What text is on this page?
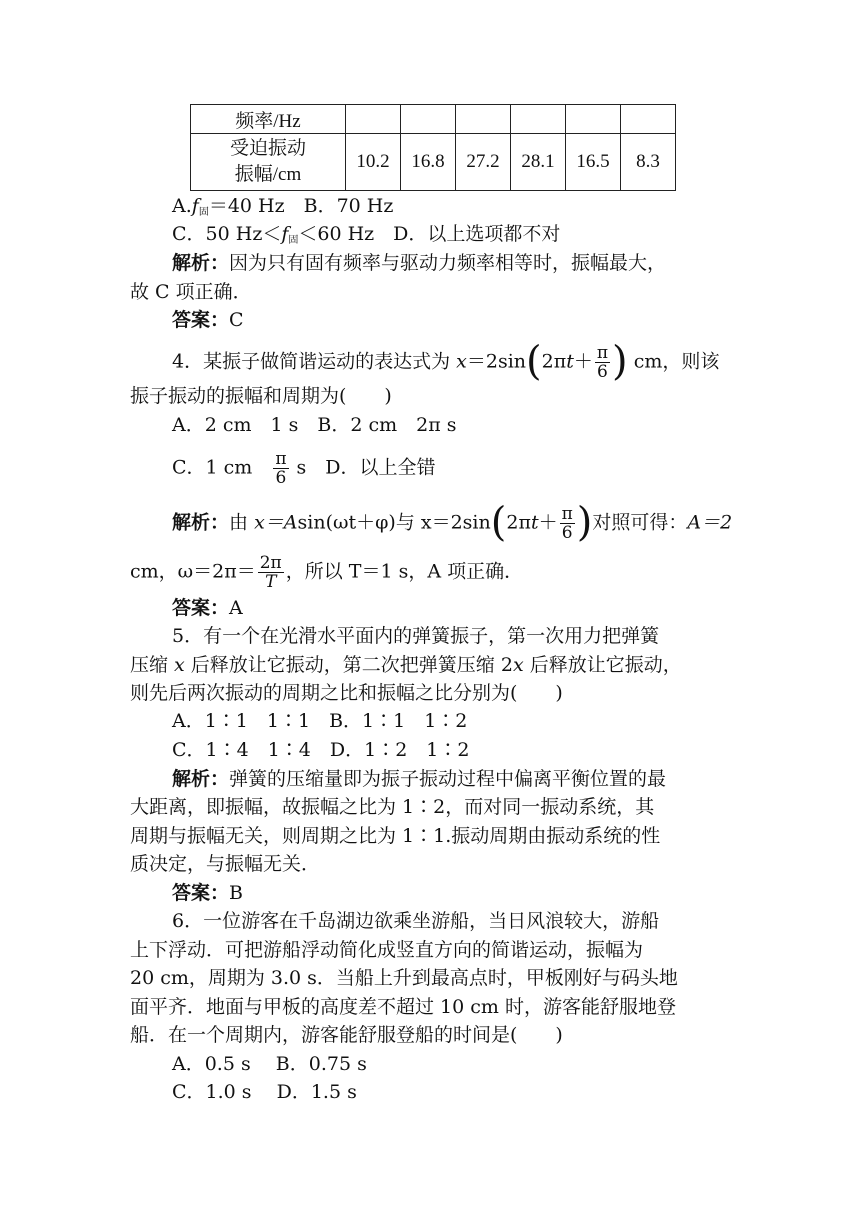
频率/Hz						
受迫振动
振幅/cm	10.2	16.8	27.2	28.1	16.5	8.3
$A.f_固=40$ Hz　B．70 Hz
C．50 $Hz<f_固<60$ Hz　D．以上选项都不对
解析：因为只有固有频率与驱动力频率相等时，振幅最大，
故 C 项正确．
答案：C
4．某振子做简谐运动的表达式为 $x=2\sin(2\pi t+ \frac{\pi}{6}$ ) cm，则该
振子振动的振幅和周期为(　　)
A．2 cm　1 s　B．2 cm　2π s
C．1 cm　 $\frac{\pi}{6}$ s　D．以上全错
解析：由 x＝Asin(ωt＋φ)与 $x=2\sin(2\pi t+ \frac{\pi}{6}$ )对照可得：A＝2
cm，$\omega=2\pi= \frac{2\pi}{T}$ ，所以 T＝1 s，A 项正确．
答案：A
5．有一个在光滑水平面内的弹簧振子，第一次用力把弹簧
压缩 x 后释放让它振动，第二次把弹簧压缩 2x 后释放让它振动，
则先后两次振动的周期之比和振幅之比分别为(　　)
A．1∶1　1∶1　B．1∶1　1∶2
C．1∶4　1∶4　D．1∶2　1∶2
解析：弹簧的压缩量即为振子振动过程中偏离平衡位置的最
大距离，即振幅，故振幅之比为 1∶2，而对同一振动系统，其
周期与振幅无关，则周期之比为 1∶1.振动周期由振动系统的性
质决定，与振幅无关．
答案：B
6．一位游客在千岛湖边欲乘坐游船，当日风浪较大，游船
上下浮动．可把游船浮动简化成竖直方向的简谐运动，振幅为
20 cm，周期为 3.0 s．当船上升到最高点时，甲板刚好与码头地
面平齐．地面与甲板的高度差不超过 10 cm 时，游客能舒服地登
船．在一个周期内，游客能舒服登船的时间是(　　)
A．0.5 s　 B．0.75 s
C．1.0 s　 D．1.5 s
